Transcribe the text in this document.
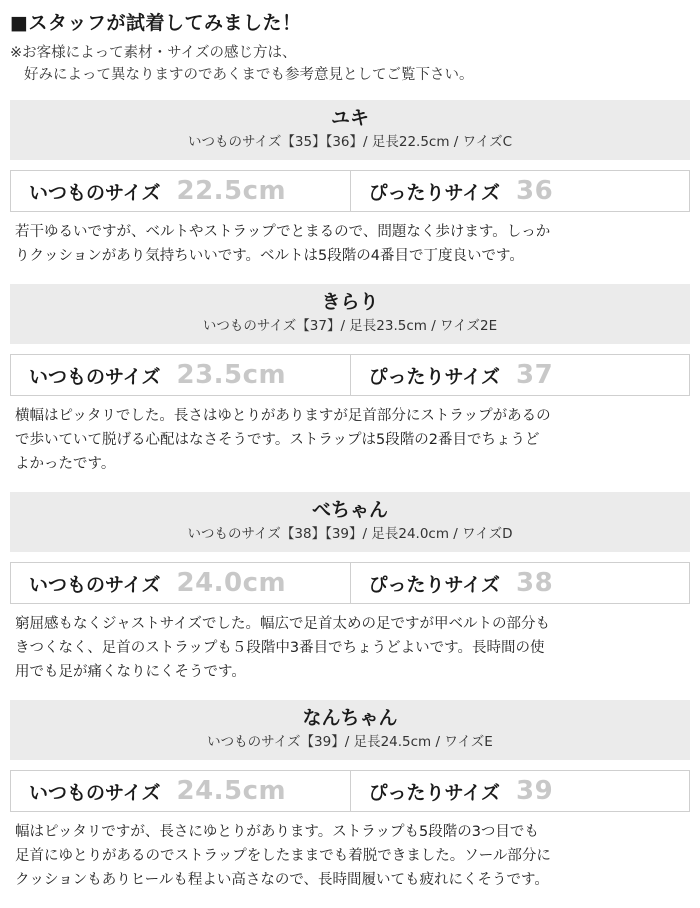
■スタッフが試着してみました！
※お客様によって素材・サイズの感じ方は、
好みによって異なりますのであくまでも参考意見としてご覧下さい。
ユキ
いつものサイズ【35】【36】/ 足長22.5cm / ワイズC
いつものサイズ 22.5cm	ぴったりサイズ 36
若干ゆるいですが、ベルトやストラップでとまるので、問題なく歩けます。しっか
りクッションがあり気持ちいいです。ベルトは5段階の4番目で丁度良いです。
きらり
いつものサイズ【37】/ 足長23.5cm / ワイズ2E
いつものサイズ 23.5cm	ぴったりサイズ 37
横幅はピッタリでした。長さはゆとりがありますが足首部分にストラップがあるの
で歩いていて脱げる心配はなさそうです。ストラップは5段階の2番目でちょうど
よかったです。
べちゃん
いつものサイズ【38】【39】/ 足長24.0cm / ワイズD
いつものサイズ 24.0cm	ぴったりサイズ 38
窮屈感もなくジャストサイズでした。幅広で足首太めの足ですが甲ベルトの部分も
きつくなく、足首のストラップも５段階中3番目でちょうどよいです。長時間の使
用でも足が痛くなりにくそうです。
なんちゃん
いつものサイズ【39】/ 足長24.5cm / ワイズE
いつものサイズ 24.5cm	ぴったりサイズ 39
幅はピッタリですが、長さにゆとりがあります。ストラップも5段階の3つ目でも
足首にゆとりがあるのでストラップをしたままでも着脱できました。ソール部分に
クッションもありヒールも程よい高さなので、長時間履いても疲れにくそうです。
